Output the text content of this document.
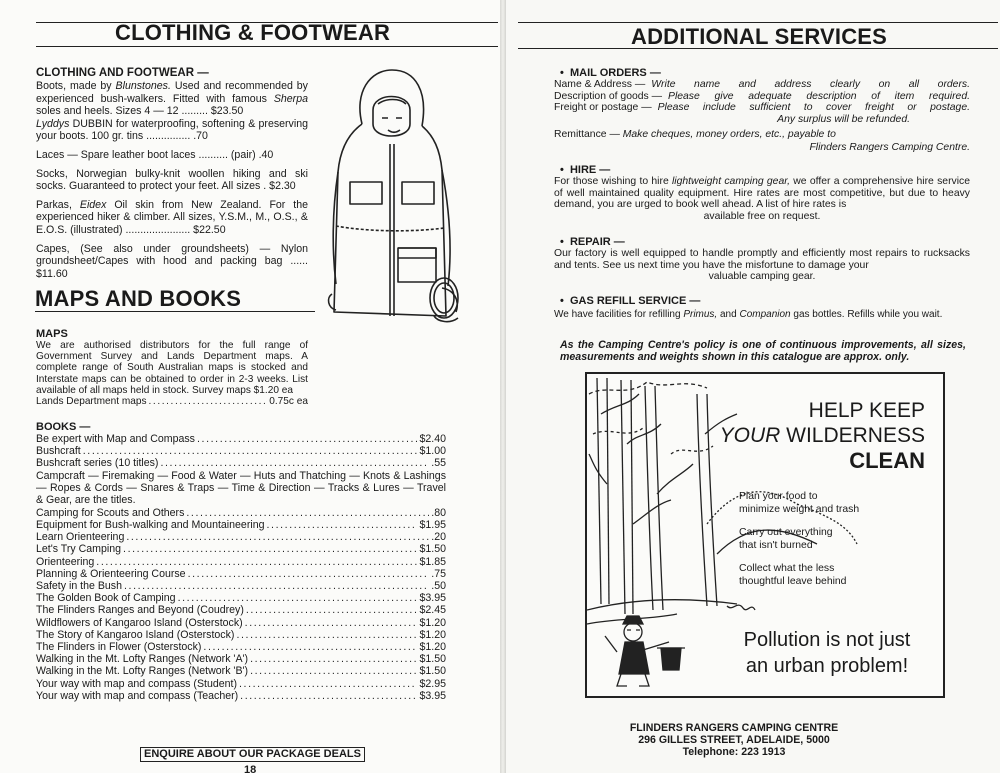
CLOTHING & FOOTWEAR
CLOTHING AND FOOTWEAR —
Boots, made by Blunstones. Used and recommended by experienced bush-walkers. Fitted with famous Sherpa soles and heels. Sizes 4 — 12 ......... $23.50
Lyddys DUBBIN for waterproofing, softening & preserving your boots. 100 gr. tins ............... .70
Laces — Spare leather boot laces .......... (pair) .40
Socks, Norwegian bulky-knit woollen hiking and ski socks. Guaranteed to protect your feet. All sizes . $2.30
Parkas, Eidex Oil skin from New Zealand. For the experienced hiker & climber. All sizes, Y.S.M., M., O.S., & E.O.S. (illustrated) ...................... $22.50
Capes, (See also under groundsheets) — Nylon groundsheet/Capes with hood and packing bag ...... $11.60
MAPS AND BOOKS
MAPS
We are authorised distributors for the full range of Government Survey and Lands Department maps. A complete range of South Australian maps is stocked and Interstate maps can be obtained to order in 2-3 weeks. List available of all maps held in stock. Survey maps $1.20 ea
Lands Department maps .....	0.75c ea
BOOKS —
Be expert with Map and Compass .....	$2.40
Bushcraft .....	$1.00
Bushcraft series (10 titles) .....	.55
Campcraft — Firemaking — Food & Water — Huts and Thatching — Knots & Lashings — Ropes & Cords — Snares & Traps — Time & Direction — Tracks & Lures — Travel & Gear, are the titles.
Camping for Scouts and Others .....	.80
Equipment for Bush-walking and Mountaineering .....	$1.95
Learn Orienteering .....	.20
Let's Try Camping .....	$1.50
Orienteering .....	$1.85
Planning & Orienteering Course .....	.75
Safety in the Bush .....	.50
The Golden Book of Camping .....	$3.95
The Flinders Ranges and Beyond (Coudrey) .....	$2.45
Wildflowers of Kangaroo Island (Osterstock) .....	$1.20
The Story of Kangaroo Island (Osterstock) .....	$1.20
The Flinders in Flower (Osterstock) .....	$1.20
Walking in the Mt. Lofty Ranges (Network 'A') .....	$1.50
Walking in the Mt. Lofty Ranges (Network 'B') .....	$1.50
Your way with map and compass (Student) .....	$2.95
Your way with map and compass (Teacher) .....	$3.95
ENQUIRE ABOUT OUR PACKAGE DEALS
18
ADDITIONAL SERVICES
•  MAIL ORDERS —
Name & Address — Write name and address clearly on all orders.
Description of goods — Please give adequate description of item required.
Freight or postage — Please include sufficient to cover freight or postage.
Any surplus will be refunded.
Remittance — Make cheques, money orders, etc., payable to
Flinders Rangers Camping Centre.
•  HIRE —
For those wishing to hire lightweight camping gear, we offer a comprehensive hire service of well maintained quality equipment. Hire rates are most competitive, but due to heavy demand, you are urged to book well ahead. A list of hire rates is
available free on request.
•  REPAIR —
Our factory is well equipped to handle promptly and efficiently most repairs to rucksacks and tents. See us next time you have the misfortune to damage your
valuable camping gear.
•  GAS REFILL SERVICE —
We have facilities for refilling Primus, and Companion gas bottles. Refills while you wait.
As the Camping Centre's policy is one of continuous improvements, all sizes, measurements and weights shown in this catalogue are approx. only.
HELP KEEP
YOUR WILDERNESS
CLEAN
Plan your food to
minimize weight and trash
Carry out everything
that isn't burned
Collect what the less
thoughtful leave behind
Pollution is not just
an urban problem!
FLINDERS RANGERS CAMPING CENTRE
296 GILLES STREET, ADELAIDE, 5000
Telephone: 223 1913
